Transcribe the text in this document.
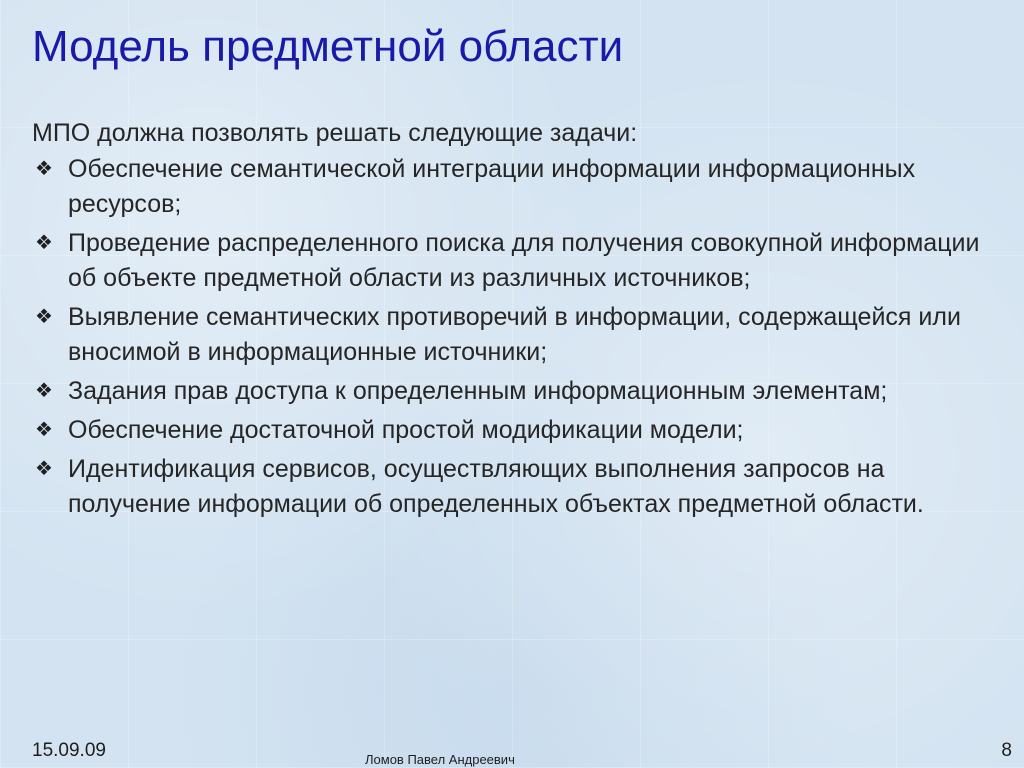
Модель предметной области

МПО должна позволять решать следующие задачи:

❖ Обеспечение семантической интеграции информации информационных ресурсов;
❖ Проведение распределенного поиска для получения совокупной информации об объекте предметной области из различных источников;
❖ Выявление семантических противоречий в информации, содержащейся или вносимой в информационные источники;
❖ Задания прав доступа к определенным информационным элементам;
❖ Обеспечение достаточной простой модификации модели;
❖ Идентификация сервисов, осуществляющих выполнения запросов на получение информации об определенных объектах предметной области.
15.09.09	Ломов Павел Андреевич	8
